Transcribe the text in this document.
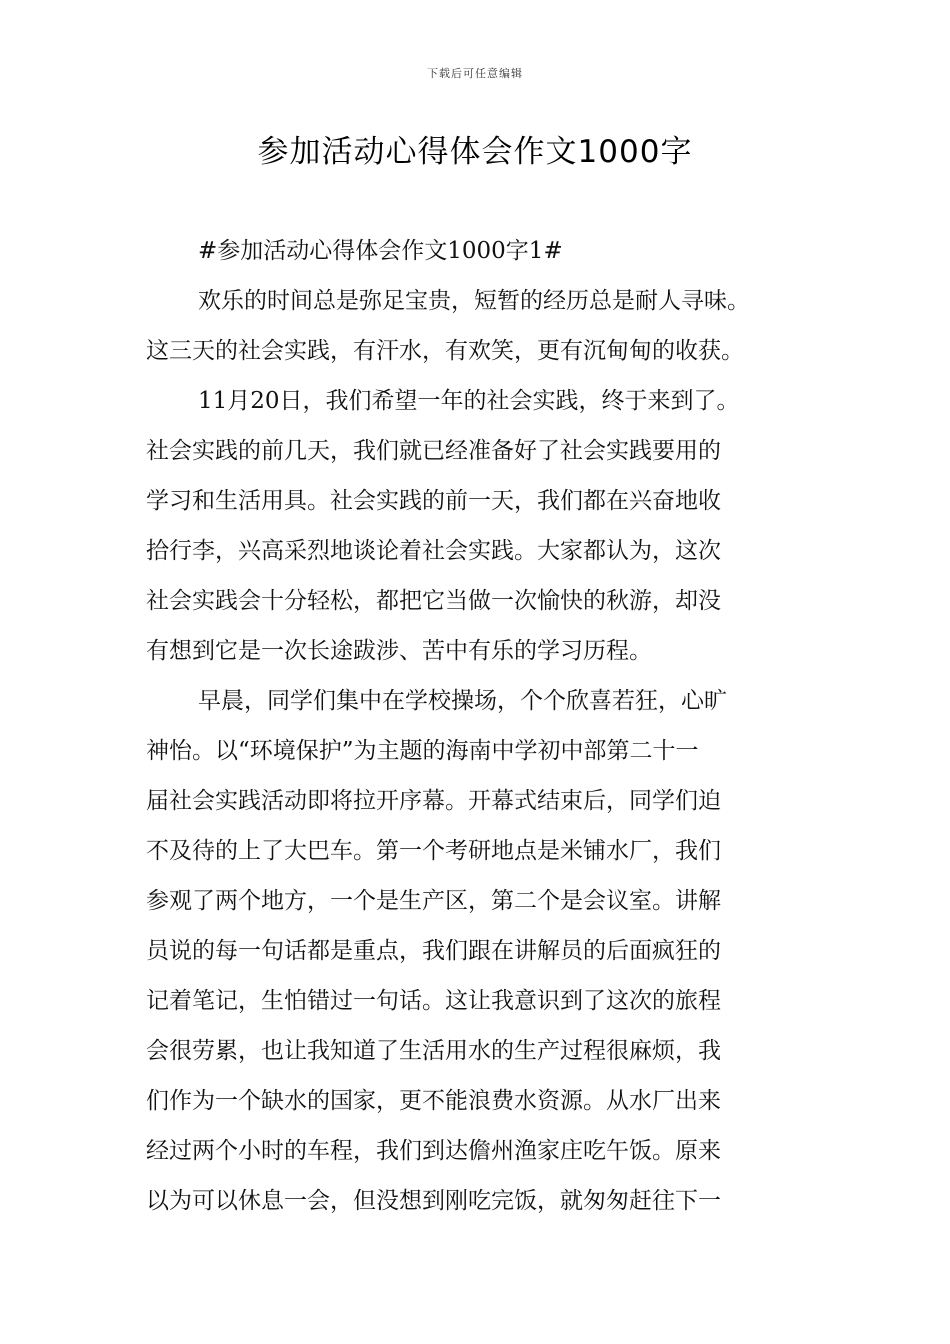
下载后可任意编辑
参加活动心得体会作文1000字
#参加活动心得体会作文1000字1#
欢乐的时间总是弥足宝贵，短暂的经历总是耐人寻味。
这三天的社会实践，有汗水，有欢笑，更有沉甸甸的收获。
11月20日，我们希望一年的社会实践，终于来到了。
社会实践的前几天，我们就已经准备好了社会实践要用的
学习和生活用具。社会实践的前一天，我们都在兴奋地收
拾行李，兴高采烈地谈论着社会实践。大家都认为，这次
社会实践会十分轻松，都把它当做一次愉快的秋游，却没
有想到它是一次长途跋涉、苦中有乐的学习历程。
早晨，同学们集中在学校操场，个个欣喜若狂，心旷
神怡。以“环境保护”为主题的海南中学初中部第二十一
届社会实践活动即将拉开序幕。开幕式结束后，同学们迫
不及待的上了大巴车。第一个考研地点是米铺水厂，我们
参观了两个地方，一个是生产区，第二个是会议室。讲解
员说的每一句话都是重点，我们跟在讲解员的后面疯狂的
记着笔记，生怕错过一句话。这让我意识到了这次的旅程
会很劳累，也让我知道了生活用水的生产过程很麻烦，我
们作为一个缺水的国家，更不能浪费水资源。从水厂出来
经过两个小时的车程，我们到达儋州渔家庄吃午饭。原来
以为可以休息一会，但没想到刚吃完饭，就匆匆赶往下一
